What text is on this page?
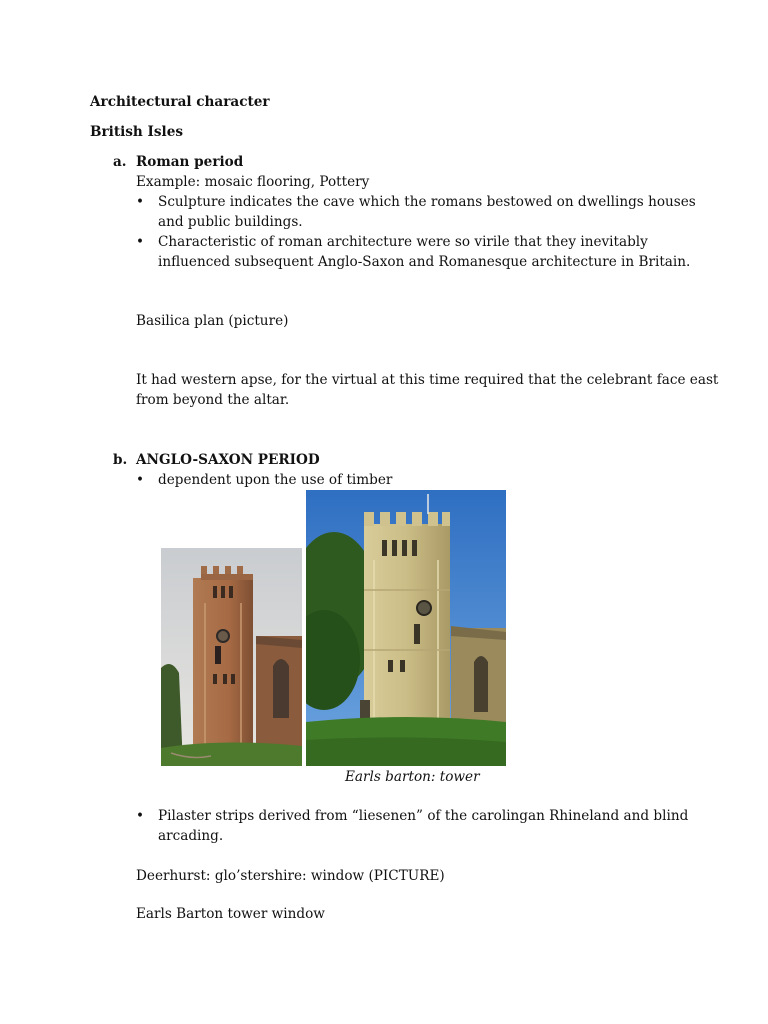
Architectural character
British Isles
a. Roman period
Example: mosaic flooring, Pottery
• Sculpture indicates the cave which the romans bestowed on dwellings houses
and public buildings.
• Characteristic of roman architecture were so virile that they inevitably
influenced subsequent Anglo-Saxon and Romanesque architecture in Britain.
Basilica plan (picture)
It had western apse, for the virtual at this time required that the celebrant face east
from beyond the altar.
b. ANGLO-SAXON PERIOD
• dependent upon the use of timber
Earls barton: tower
• Pilaster strips derived from “liesenen” of the carolingan Rhineland and blind
arcading.
Deerhurst: glo’stershire: window (PICTURE)
Earls Barton tower window
